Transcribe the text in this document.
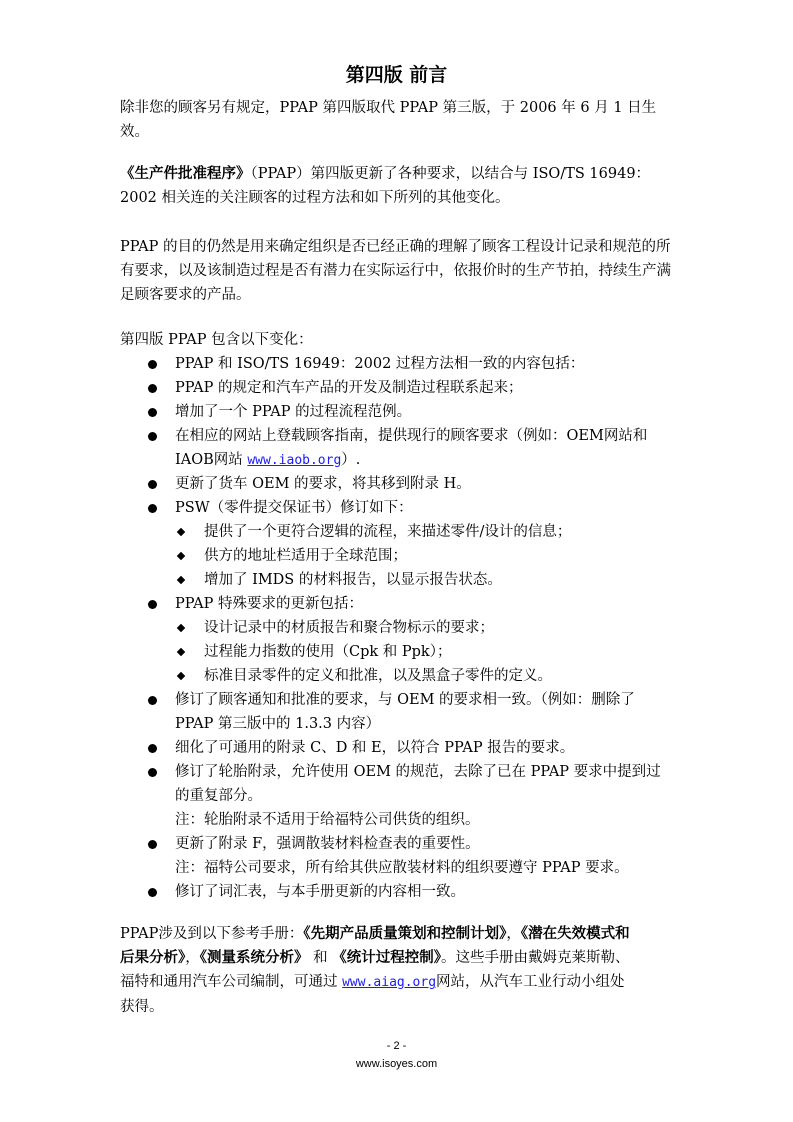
第四版 前言
除非您的顾客另有规定，PPAP 第四版取代 PPAP 第三版，于 2006 年 6 月 1 日生效。
《生产件批准程序》（PPAP）第四版更新了各种要求，以结合与 ISO/TS 16949：2002 相关连的关注顾客的过程方法和如下所列的其他变化。
PPAP 的目的仍然是用来确定组织是否已经正确的理解了顾客工程设计记录和规范的所有要求，以及该制造过程是否有潜力在实际运行中，依报价时的生产节拍，持续生产满足顾客要求的产品。
第四版 PPAP 包含以下变化：
PPAP 和 ISO/TS 16949：2002 过程方法相一致的内容包括：
PPAP 的规定和汽车产品的开发及制造过程联系起来；
增加了一个 PPAP 的过程流程范例。
在相应的网站上登载顾客指南，提供现行的顾客要求（例如：OEM网站和
IAOB网站 www.iaob.org）.
更新了货车 OEM 的要求，将其移到附录 H。
PSW（零件提交保证书）修订如下：
提供了一个更符合逻辑的流程，来描述零件/设计的信息；
供方的地址栏适用于全球范围；
增加了 IMDS 的材料报告，以显示报告状态。
PPAP 特殊要求的更新包括：
设计记录中的材质报告和聚合物标示的要求；
过程能力指数的使用（Cpk 和 Ppk）；
标准目录零件的定义和批准，以及黑盒子零件的定义。
修订了顾客通知和批准的要求，与 OEM 的要求相一致。（例如：删除了
PPAP 第三版中的 1.3.3 内容）
细化了可通用的附录 C、D 和 E，以符合 PPAP 报告的要求。
修订了轮胎附录，允许使用 OEM 的规范，去除了已在 PPAP 要求中提到过
的重复部分。
注：轮胎附录不适用于给福特公司供货的组织。
更新了附录 F，强调散装材料检查表的重要性。
注：福特公司要求，所有给其供应散装材料的组织要遵守 PPAP 要求。
修订了词汇表，与本手册更新的内容相一致。
PPAP涉及到以下参考手册：《先期产品质量策划和控制计划》，《潜在失效模式和
后果分析》，《测量系统分析》 和 《统计过程控制》。这些手册由戴姆克莱斯勒、
福特和通用汽车公司编制，可通过 www.aiag.org网站，从汽车工业行动小组处
获得。
- 2 -
www.isoyes.com
